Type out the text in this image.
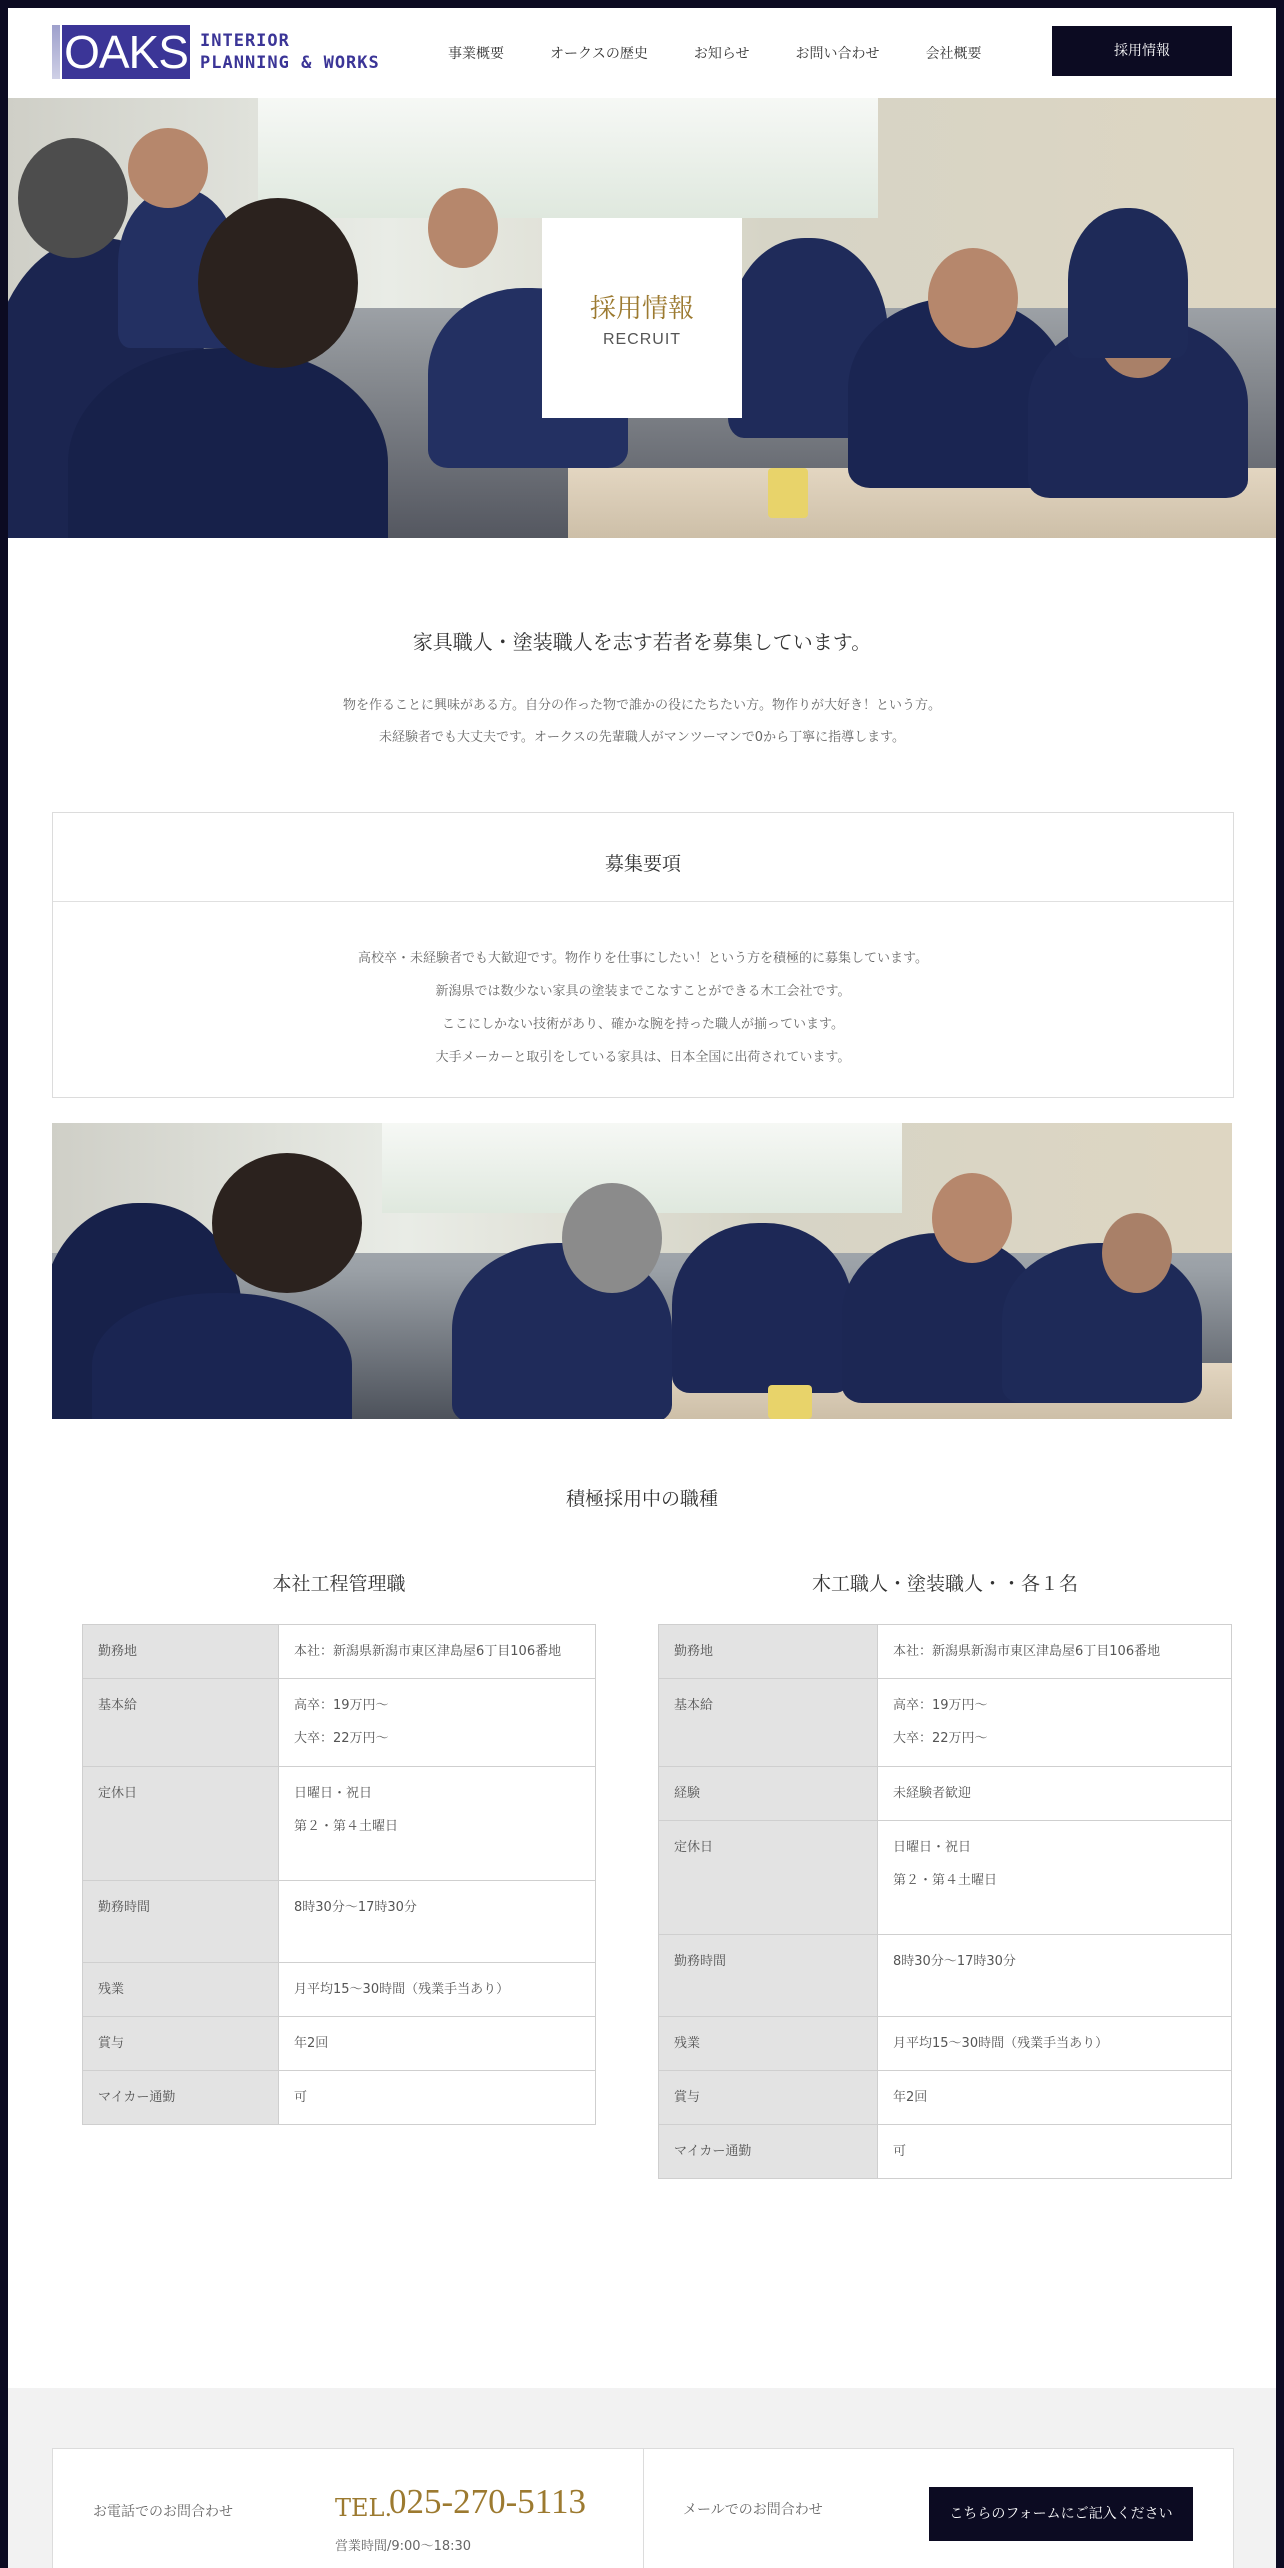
OAKS INTERIOR
PLANNING & WORKS	事業概要	オークスの歴史	お知らせ	お問い合わせ	会社概要	採用情報
採用情報
RECRUIT
家具職人・塗装職人を志す若者を募集しています。
物を作ることに興味がある方。自分の作った物で誰かの役にたちたい方。物作りが大好き！という方。
未経験者でも大丈夫です。オークスの先輩職人がマンツーマンで0から丁寧に指導します。
募集要項
高校卒・未経験者でも大歓迎です。物作りを仕事にしたい！という方を積極的に募集しています。
新潟県では数少ない家具の塗装までこなすことができる木工会社です。
ここにしかない技術があり、確かな腕を持った職人が揃っています。
大手メーカーと取引をしている家具は、日本全国に出荷されています。
積極採用中の職種
本社工程管理職	木工職人・塗装職人・・各１名
勤務地	本社：新潟県新潟市東区津島屋6丁目106番地

基本給	高卒：19万円〜
大卒：22万円〜

定休日	日曜日・祝日
第２・第４土曜日

勤務時間	8時30分〜17時30分

残業	月平均15〜30時間（残業手当あり）

賞与	年2回

マイカー通勤	可
勤務地	本社：新潟県新潟市東区津島屋6丁目106番地

基本給	高卒：19万円〜
大卒：22万円〜

経験	未経験者歓迎

定休日	日曜日・祝日
第２・第４土曜日

勤務時間	8時30分〜17時30分

残業	月平均15〜30時間（残業手当あり）

賞与	年2回

マイカー通勤	可
お電話でのお問合わせ	TEL.
025-270-5113
営業時間/9:00〜18:30
メールでのお問合わせ	こちらのフォームにご記入ください
